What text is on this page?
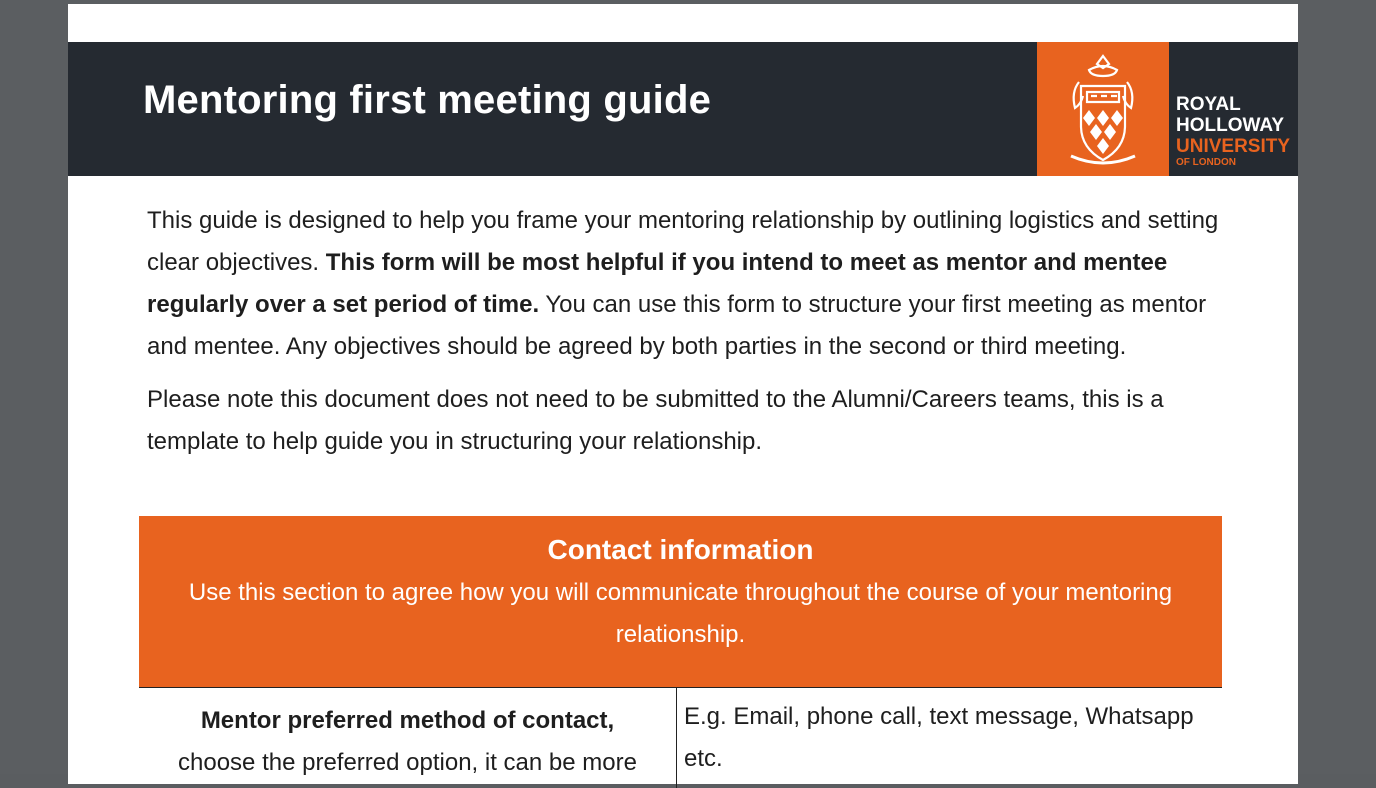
Mentoring first meeting guide	ROYAL
HOLLOWAY
UNIVERSITY
OF LONDON

This guide is designed to help you frame your mentoring relationship by outlining logistics and setting clear objectives. This form will be most helpful if you intend to meet as mentor and mentee regularly over a set period of time. You can use this form to structure your first meeting as mentor and mentee. Any objectives should be agreed by both parties in the second or third meeting.

Please note this document does not need to be submitted to the Alumni/Careers teams, this is a template to help guide you in structuring your relationship.

Contact information
Use this section to agree how you will communicate throughout the course of your mentoring relationship.
Mentor preferred method of contact,
choose the preferred option, it can be more
E.g. Email, phone call, text message, Whatsapp etc.
